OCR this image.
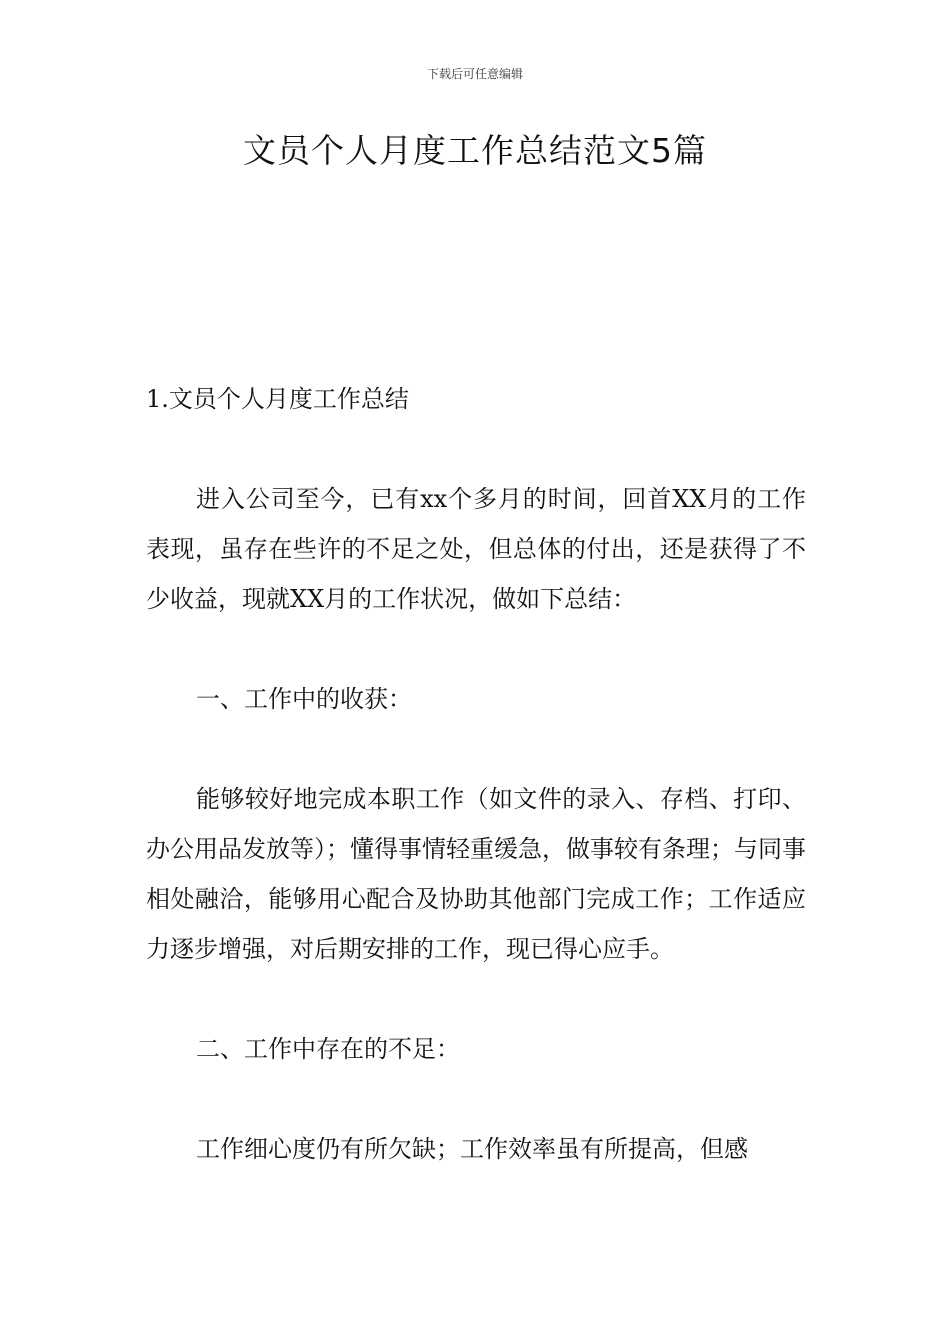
下载后可任意编辑
文员个人月度工作总结范文5篇

1.文员个人月度工作总结

进入公司至今，已有xx个多月的时间，回首XX月的工作表现，虽存在些许的不足之处，但总体的付出，还是获得了不少收益，现就XX月的工作状况，做如下总结：

一、工作中的收获：

能够较好地完成本职工作（如文件的录入、存档、打印、办公用品发放等）；懂得事情轻重缓急，做事较有条理；与同事相处融洽，能够用心配合及协助其他部门完成工作；工作适应力逐步增强，对后期安排的工作，现已得心应手。

二、工作中存在的不足：

工作细心度仍有所欠缺；工作效率虽有所提高，但感
